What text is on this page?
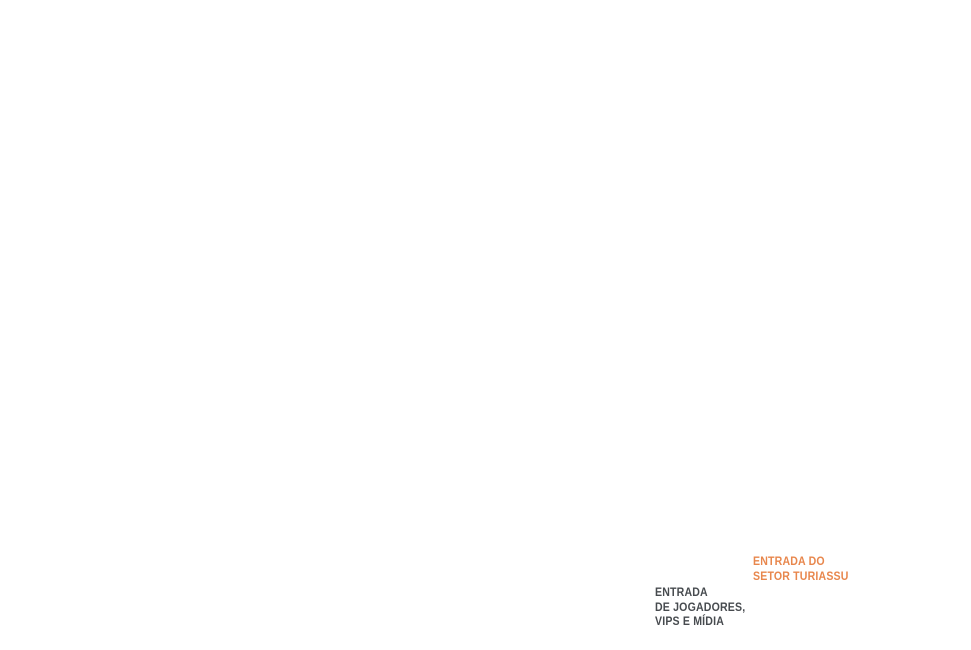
ENTRADA DO
SETOR TURIASSU
ENTRADA
DE JOGADORES,
VIPS E MÍDIA
